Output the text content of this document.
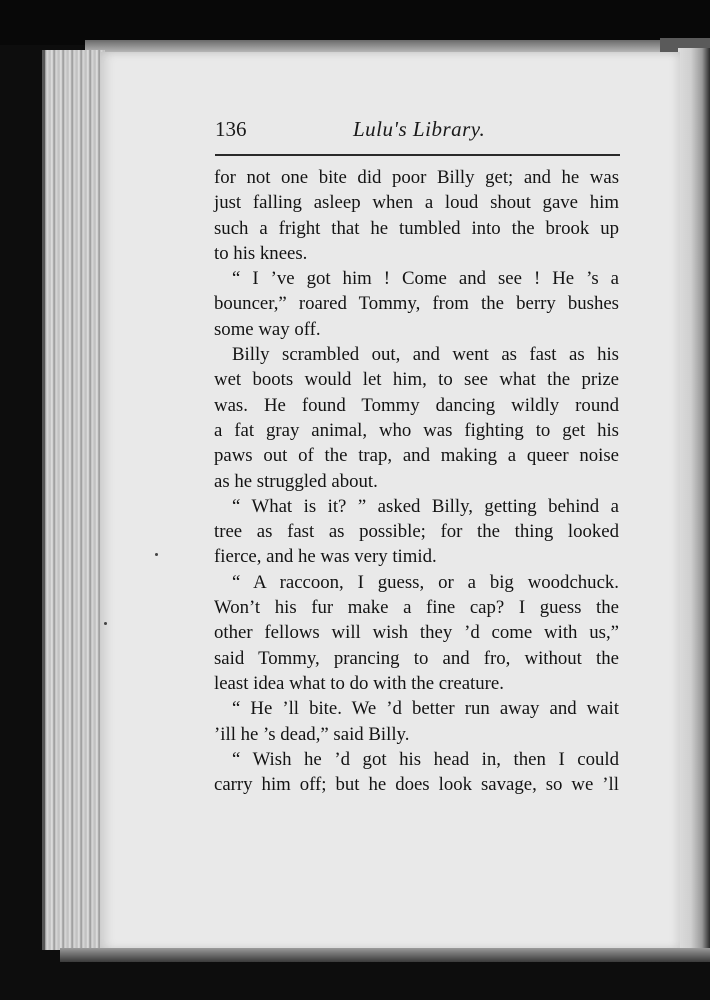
136	Lulu's Library.
for not one bite did poor Billy get; and he was
just falling asleep when a loud shout gave him
such a fright that he tumbled into the brook up
to his knees.
“ I ’ve got him ! Come and see ! He ’s a
bouncer,” roared Tommy, from the berry bushes
some way off.
Billy scrambled out, and went as fast as his
wet boots would let him, to see what the prize
was. He found Tommy dancing wildly round
a fat gray animal, who was fighting to get his
paws out of the trap, and making a queer noise
as he struggled about.
“ What is it? ” asked Billy, getting behind a
tree as fast as possible; for the thing looked
fierce, and he was very timid.
“ A raccoon, I guess, or a big woodchuck.
Won’t his fur make a fine cap? I guess the
other fellows will wish they ’d come with us,”
said Tommy, prancing to and fro, without the
least idea what to do with the creature.
“ He ’ll bite. We ’d better run away and wait
’ill he ’s dead,” said Billy.
“ Wish he ’d got his head in, then I could
carry him off; but he does look savage, so we ’ll
